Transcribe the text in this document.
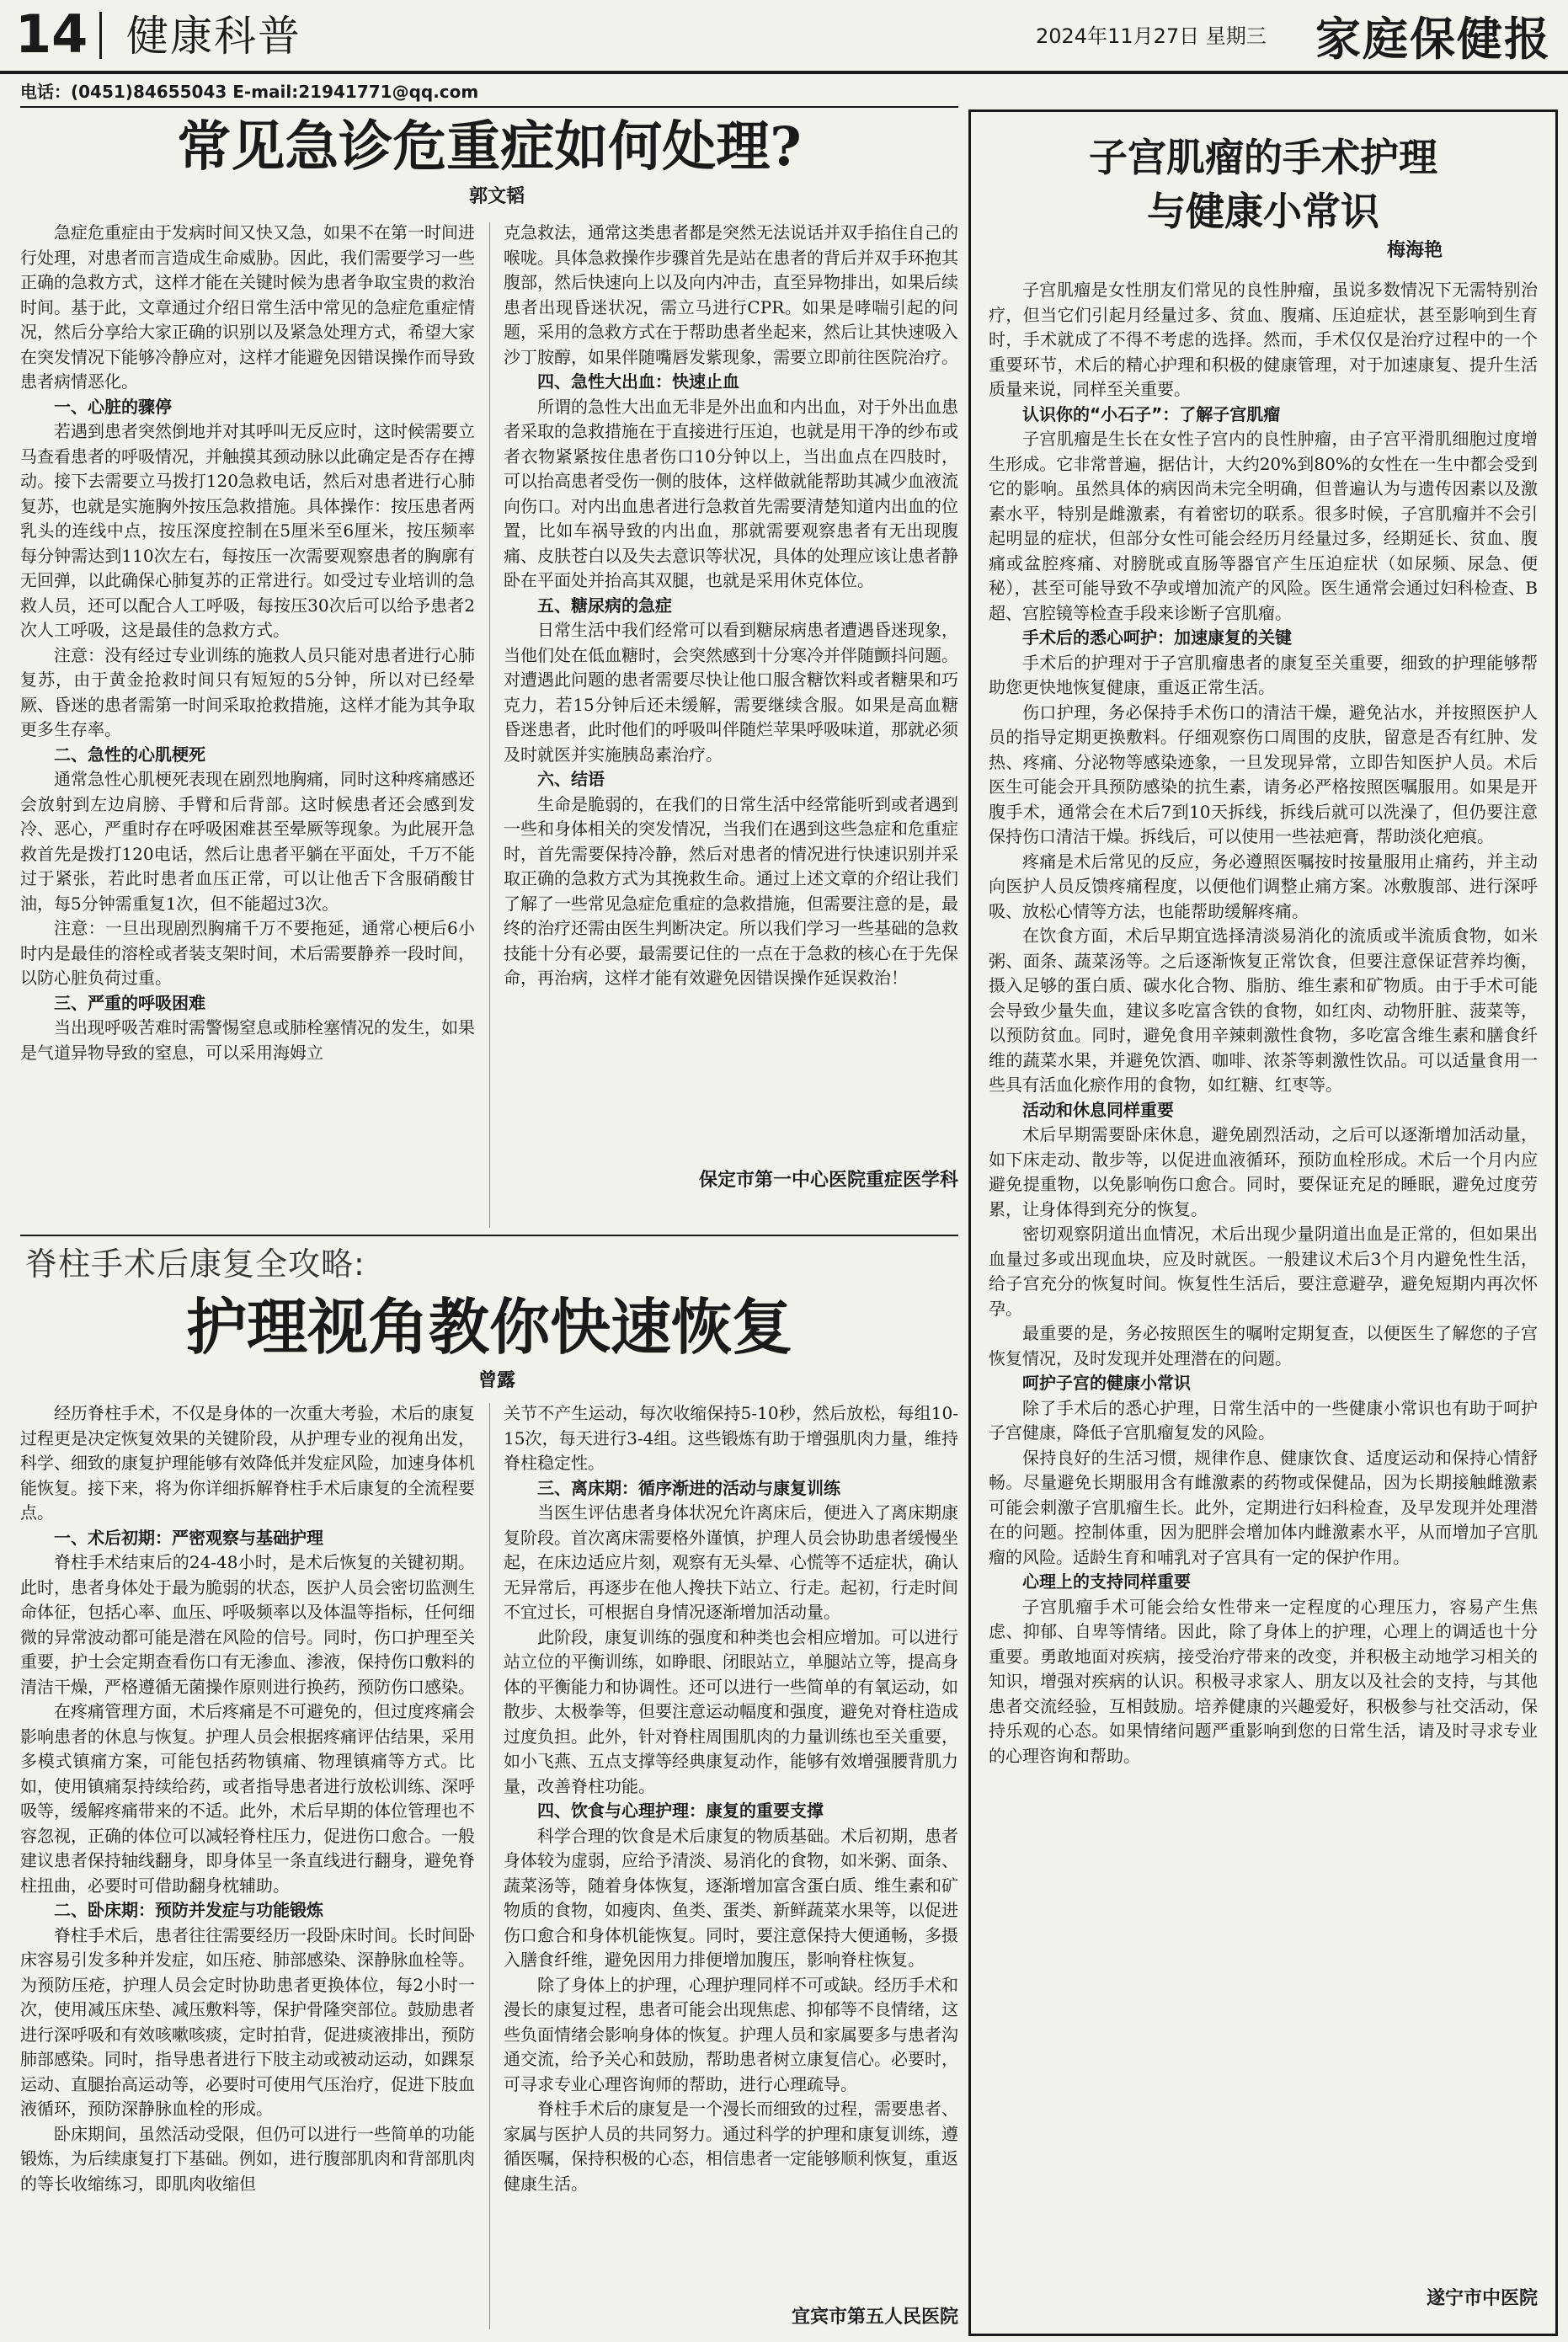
14 健康科普	2024年11月27日 星期三 家庭保健报
电话：(0451)84655043 E-mail:21941771@qq.com
常见急诊危重症如何处理?
郭文韬

急症危重症由于发病时间又快又急，如果不在第一时间进行处理，对患者而言造成生命威胁。因此，我们需要学习一些正确的急救方式，这样才能在关键时候为患者争取宝贵的救治时间。基于此，文章通过介绍日常生活中常见的急症危重症情况，然后分享给大家正确的识别以及紧急处理方式，希望大家在突发情况下能够冷静应对，这样才能避免因错误操作而导致患者病情恶化。

一、心脏的骤停

若遇到患者突然倒地并对其呼叫无反应时，这时候需要立马查看患者的呼吸情况，并触摸其颈动脉以此确定是否存在搏动。接下去需要立马拨打120急救电话，然后对患者进行心肺复苏，也就是实施胸外按压急救措施。具体操作：按压患者两乳头的连线中点，按压深度控制在5厘米至6厘米，按压频率每分钟需达到110次左右，每按压一次需要观察患者的胸廓有无回弹，以此确保心肺复苏的正常进行。如受过专业培训的急救人员，还可以配合人工呼吸，每按压30次后可以给予患者2次人工呼吸，这是最佳的急救方式。

注意：没有经过专业训练的施救人员只能对患者进行心肺复苏，由于黄金抢救时间只有短短的5分钟，所以对已经晕厥、昏迷的患者需第一时间采取抢救措施，这样才能为其争取更多生存率。

二、急性的心肌梗死

通常急性心肌梗死表现在剧烈地胸痛，同时这种疼痛感还会放射到左边肩膀、手臂和后背部。这时候患者还会感到发冷、恶心，严重时存在呼吸困难甚至晕厥等现象。为此展开急救首先是拨打120电话，然后让患者平躺在平面处，千万不能过于紧张，若此时患者血压正常，可以让他舌下含服硝酸甘油，每5分钟需重复1次，但不能超过3次。

注意：一旦出现剧烈胸痛千万不要拖延，通常心梗后6小时内是最佳的溶栓或者装支架时间，术后需要静养一段时间，以防心脏负荷过重。

三、严重的呼吸困难

当出现呼吸苦难时需警惕窒息或肺栓塞情况的发生，如果是气道异物导致的窒息，可以采用海姆立

克急救法，通常这类患者都是突然无法说话并双手掐住自己的喉咙。具体急救操作步骤首先是站在患者的背后并双手环抱其腹部，然后快速向上以及向内冲击，直至异物排出，如果后续患者出现昏迷状况，需立马进行CPR。如果是哮喘引起的问题，采用的急救方式在于帮助患者坐起来，然后让其快速吸入沙丁胺醇，如果伴随嘴唇发紫现象，需要立即前往医院治疗。

四、急性大出血：快速止血

所谓的急性大出血无非是外出血和内出血，对于外出血患者采取的急救措施在于直接进行压迫，也就是用干净的纱布或者衣物紧紧按住患者伤口10分钟以上，当出血点在四肢时，可以抬高患者受伤一侧的肢体，这样做就能帮助其减少血液流向伤口。对内出血患者进行急救首先需要清楚知道内出血的位置，比如车祸导致的内出血，那就需要观察患者有无出现腹痛、皮肤苍白以及失去意识等状况，具体的处理应该让患者静卧在平面处并抬高其双腿，也就是采用休克体位。

五、糖尿病的急症

日常生活中我们经常可以看到糖尿病患者遭遇昏迷现象，当他们处在低血糖时，会突然感到十分寒冷并伴随颤抖问题。对遭遇此问题的患者需要尽快让他口服含糖饮料或者糖果和巧克力，若15分钟后还未缓解，需要继续含服。如果是高血糖昏迷患者，此时他们的呼吸叫伴随烂苹果呼吸味道，那就必须及时就医并实施胰岛素治疗。

六、结语

生命是脆弱的，在我们的日常生活中经常能听到或者遇到一些和身体相关的突发情况，当我们在遇到这些急症和危重症时，首先需要保持冷静，然后对患者的情况进行快速识别并采取正确的急救方式为其挽救生命。通过上述文章的介绍让我们了解了一些常见急症危重症的急救措施，但需要注意的是，最终的治疗还需由医生判断决定。所以我们学习一些基础的急救技能十分有必要，最需要记住的一点在于急救的核心在于先保命，再治病，这样才能有效避免因错误操作延误救治！

保定市第一中心医院重症医学科
脊柱手术后康复全攻略:
护理视角教你快速恢复
曾露

经历脊柱手术，不仅是身体的一次重大考验，术后的康复过程更是决定恢复效果的关键阶段，从护理专业的视角出发，科学、细致的康复护理能够有效降低并发症风险，加速身体机能恢复。接下来，将为你详细拆解脊柱手术后康复的全流程要点。

一、术后初期：严密观察与基础护理

脊柱手术结束后的24-48小时，是术后恢复的关键初期。此时，患者身体处于最为脆弱的状态，医护人员会密切监测生命体征，包括心率、血压、呼吸频率以及体温等指标，任何细微的异常波动都可能是潜在风险的信号。同时，伤口护理至关重要，护士会定期查看伤口有无渗血、渗液，保持伤口敷料的清洁干燥，严格遵循无菌操作原则进行换药，预防伤口感染。

在疼痛管理方面，术后疼痛是不可避免的，但过度疼痛会影响患者的休息与恢复。护理人员会根据疼痛评估结果，采用多模式镇痛方案，可能包括药物镇痛、物理镇痛等方式。比如，使用镇痛泵持续给药，或者指导患者进行放松训练、深呼吸等，缓解疼痛带来的不适。此外，术后早期的体位管理也不容忽视，正确的体位可以减轻脊柱压力，促进伤口愈合。一般建议患者保持轴线翻身，即身体呈一条直线进行翻身，避免脊柱扭曲，必要时可借助翻身枕辅助。

二、卧床期：预防并发症与功能锻炼

脊柱手术后，患者往往需要经历一段卧床时间。长时间卧床容易引发多种并发症，如压疮、肺部感染、深静脉血栓等。为预防压疮，护理人员会定时协助患者更换体位，每2小时一次，使用减压床垫、减压敷料等，保护骨隆突部位。鼓励患者进行深呼吸和有效咳嗽咳痰，定时拍背，促进痰液排出，预防肺部感染。同时，指导患者进行下肢主动或被动运动，如踝泵运动、直腿抬高运动等，必要时可使用气压治疗，促进下肢血液循环，预防深静脉血栓的形成。

卧床期间，虽然活动受限，但仍可以进行一些简单的功能锻炼，为后续康复打下基础。例如，进行腹部肌肉和背部肌肉的等长收缩练习，即肌肉收缩但

关节不产生运动，每次收缩保持5-10秒，然后放松，每组10-15次，每天进行3-4组。这些锻炼有助于增强肌肉力量，维持脊柱稳定性。

三、离床期：循序渐进的活动与康复训练

当医生评估患者身体状况允许离床后，便进入了离床期康复阶段。首次离床需要格外谨慎，护理人员会协助患者缓慢坐起，在床边适应片刻，观察有无头晕、心慌等不适症状，确认无异常后，再逐步在他人搀扶下站立、行走。起初，行走时间不宜过长，可根据自身情况逐渐增加活动量。

此阶段，康复训练的强度和种类也会相应增加。可以进行站立位的平衡训练，如睁眼、闭眼站立，单腿站立等，提高身体的平衡能力和协调性。还可以进行一些简单的有氧运动，如散步、太极拳等，但要注意运动幅度和强度，避免对脊柱造成过度负担。此外，针对脊柱周围肌肉的力量训练也至关重要，如小飞燕、五点支撑等经典康复动作，能够有效增强腰背肌力量，改善脊柱功能。

四、饮食与心理护理：康复的重要支撑

科学合理的饮食是术后康复的物质基础。术后初期，患者身体较为虚弱，应给予清淡、易消化的食物，如米粥、面条、蔬菜汤等，随着身体恢复，逐渐增加富含蛋白质、维生素和矿物质的食物，如瘦肉、鱼类、蛋类、新鲜蔬菜水果等，以促进伤口愈合和身体机能恢复。同时，要注意保持大便通畅，多摄入膳食纤维，避免因用力排便增加腹压，影响脊柱恢复。

除了身体上的护理，心理护理同样不可或缺。经历手术和漫长的康复过程，患者可能会出现焦虑、抑郁等不良情绪，这些负面情绪会影响身体的恢复。护理人员和家属要多与患者沟通交流，给予关心和鼓励，帮助患者树立康复信心。必要时，可寻求专业心理咨询师的帮助，进行心理疏导。

脊柱手术后的康复是一个漫长而细致的过程，需要患者、家属与医护人员的共同努力。通过科学的护理和康复训练，遵循医嘱，保持积极的心态，相信患者一定能够顺利恢复，重返健康生活。

宜宾市第五人民医院
子宫肌瘤的手术护理
与健康小常识
梅海艳

子宫肌瘤是女性朋友们常见的良性肿瘤，虽说多数情况下无需特别治疗，但当它们引起月经量过多、贫血、腹痛、压迫症状，甚至影响到生育时，手术就成了不得不考虑的选择。然而，手术仅仅是治疗过程中的一个重要环节，术后的精心护理和积极的健康管理，对于加速康复、提升生活质量来说，同样至关重要。

认识你的“小石子”：了解子宫肌瘤

子宫肌瘤是生长在女性子宫内的良性肿瘤，由子宫平滑肌细胞过度增生形成。它非常普遍，据估计，大约20%到80%的女性在一生中都会受到它的影响。虽然具体的病因尚未完全明确，但普遍认为与遗传因素以及激素水平，特别是雌激素，有着密切的联系。很多时候，子宫肌瘤并不会引起明显的症状，但部分女性可能会经历月经量过多，经期延长、贫血、腹痛或盆腔疼痛、对膀胱或直肠等器官产生压迫症状（如尿频、尿急、便秘），甚至可能导致不孕或增加流产的风险。医生通常会通过妇科检查、B超、宫腔镜等检查手段来诊断子宫肌瘤。

手术后的悉心呵护：加速康复的关键

手术后的护理对于子宫肌瘤患者的康复至关重要，细致的护理能够帮助您更快地恢复健康，重返正常生活。

伤口护理，务必保持手术伤口的清洁干燥，避免沾水，并按照医护人员的指导定期更换敷料。仔细观察伤口周围的皮肤，留意是否有红肿、发热、疼痛、分泌物等感染迹象，一旦发现异常，立即告知医护人员。术后医生可能会开具预防感染的抗生素，请务必严格按照医嘱服用。如果是开腹手术，通常会在术后7到10天拆线，拆线后就可以洗澡了，但仍要注意保持伤口清洁干燥。拆线后，可以使用一些祛疤膏，帮助淡化疤痕。

疼痛是术后常见的反应，务必遵照医嘱按时按量服用止痛药，并主动向医护人员反馈疼痛程度，以便他们调整止痛方案。冰敷腹部、进行深呼吸、放松心情等方法，也能帮助缓解疼痛。

在饮食方面，术后早期宜选择清淡易消化的流质或半流质食物，如米粥、面条、蔬菜汤等。之后逐渐恢复正常饮食，但要注意保证营养均衡，摄入足够的蛋白质、碳水化合物、脂肪、维生素和矿物质。由于手术可能会导致少量失血，建议多吃富含铁的食物，如红肉、动物肝脏、菠菜等，以预防贫血。同时，避免食用辛辣刺激性食物，多吃富含维生素和膳食纤维的蔬菜水果，并避免饮酒、咖啡、浓茶等刺激性饮品。可以适量食用一些具有活血化瘀作用的食物，如红糖、红枣等。

活动和休息同样重要

术后早期需要卧床休息，避免剧烈活动，之后可以逐渐增加活动量，如下床走动、散步等，以促进血液循环，预防血栓形成。术后一个月内应避免提重物，以免影响伤口愈合。同时，要保证充足的睡眠，避免过度劳累，让身体得到充分的恢复。

密切观察阴道出血情况，术后出现少量阴道出血是正常的，但如果出血量过多或出现血块，应及时就医。一般建议术后3个月内避免性生活，给子宫充分的恢复时间。恢复性生活后，要注意避孕，避免短期内再次怀孕。

最重要的是，务必按照医生的嘱咐定期复查，以便医生了解您的子宫恢复情况，及时发现并处理潜在的问题。

呵护子宫的健康小常识

除了手术后的悉心护理，日常生活中的一些健康小常识也有助于呵护子宫健康，降低子宫肌瘤复发的风险。

保持良好的生活习惯，规律作息、健康饮食、适度运动和保持心情舒畅。尽量避免长期服用含有雌激素的药物或保健品，因为长期接触雌激素可能会刺激子宫肌瘤生长。此外，定期进行妇科检查，及早发现并处理潜在的问题。控制体重，因为肥胖会增加体内雌激素水平，从而增加子宫肌瘤的风险。适龄生育和哺乳对子宫具有一定的保护作用。

心理上的支持同样重要

子宫肌瘤手术可能会给女性带来一定程度的心理压力，容易产生焦虑、抑郁、自卑等情绪。因此，除了身体上的护理，心理上的调适也十分重要。勇敢地面对疾病，接受治疗带来的改变，并积极主动地学习相关的知识，增强对疾病的认识。积极寻求家人、朋友以及社会的支持，与其他患者交流经验，互相鼓励。培养健康的兴趣爱好，积极参与社交活动，保持乐观的心态。如果情绪问题严重影响到您的日常生活，请及时寻求专业的心理咨询和帮助。

遂宁市中医院
